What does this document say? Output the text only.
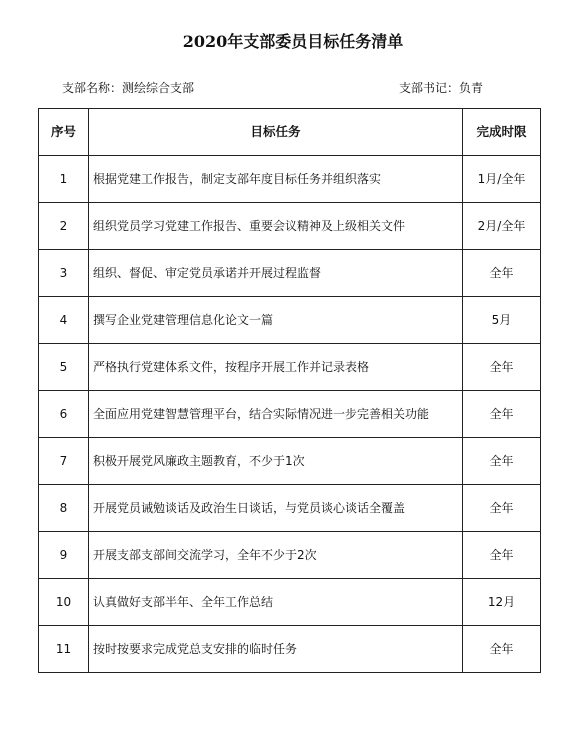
2020年支部委员目标任务清单
支部名称：测绘综合支部	支部书记：负青
序号	目标任务	完成时限
1	根据党建工作报告，制定支部年度目标任务并组织落实	1月/全年
2	组织党员学习党建工作报告、重要会议精神及上级相关文件	2月/全年
3	组织、督促、审定党员承诺并开展过程监督	全年
4	撰写企业党建管理信息化论文一篇	5月
5	严格执行党建体系文件，按程序开展工作并记录表格	全年
6	全面应用党建智慧管理平台，结合实际情况进一步完善相关功能	全年
7	积极开展党风廉政主题教育，不少于1次	全年
8	开展党员诫勉谈话及政治生日谈话，与党员谈心谈话全覆盖	全年
9	开展支部支部间交流学习，全年不少于2次	全年
10	认真做好支部半年、全年工作总结	12月
11	按时按要求完成党总支安排的临时任务	全年
